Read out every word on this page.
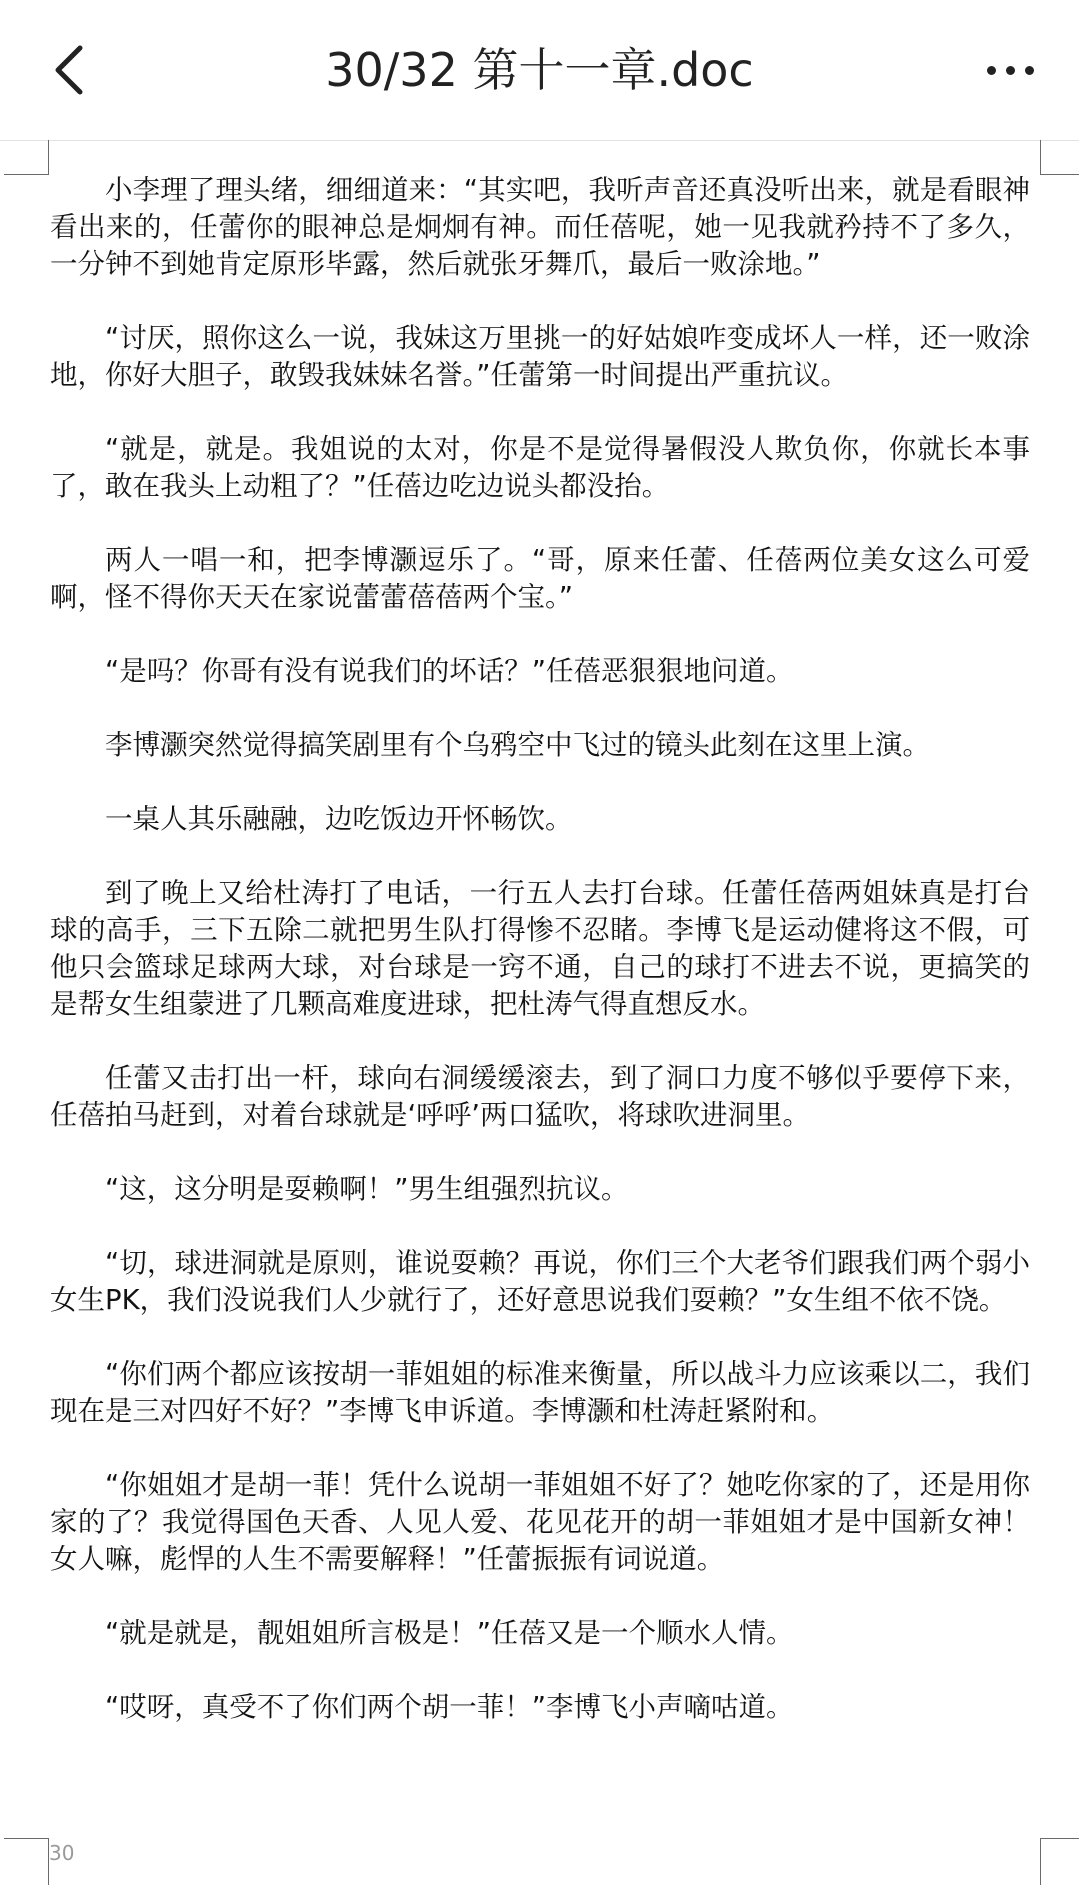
30/32 第十一章.doc

小李理了理头绪，细细道来：“其实吧，我听声音还真没听出来，就是看眼神看出来的，任蕾你的眼神总是炯炯有神。而任蓓呢，她一见我就矜持不了多久，一分钟不到她肯定原形毕露，然后就张牙舞爪，最后一败涂地。”

“讨厌，照你这么一说，我妹这万里挑一的好姑娘咋变成坏人一样，还一败涂地，你好大胆子，敢毁我妹妹名誉。”任蕾第一时间提出严重抗议。

“就是，就是。我姐说的太对，你是不是觉得暑假没人欺负你，你就长本事了，敢在我头上动粗了？”任蓓边吃边说头都没抬。

两人一唱一和，把李博灏逗乐了。“哥，原来任蕾、任蓓两位美女这么可爱啊，怪不得你天天在家说蕾蕾蓓蓓两个宝。”

“是吗？你哥有没有说我们的坏话？”任蓓恶狠狠地问道。

李博灏突然觉得搞笑剧里有个乌鸦空中飞过的镜头此刻在这里上演。

一桌人其乐融融，边吃饭边开怀畅饮。

到了晚上又给杜涛打了电话，一行五人去打台球。任蕾任蓓两姐妹真是打台球的高手，三下五除二就把男生队打得惨不忍睹。李博飞是运动健将这不假，可他只会篮球足球两大球，对台球是一窍不通，自己的球打不进去不说，更搞笑的是帮女生组蒙进了几颗高难度进球，把杜涛气得直想反水。

任蕾又击打出一杆，球向右洞缓缓滚去，到了洞口力度不够似乎要停下来，任蓓拍马赶到，对着台球就是‘呼呼’两口猛吹，将球吹进洞里。

“这，这分明是耍赖啊！”男生组强烈抗议。

“切，球进洞就是原则，谁说耍赖？再说，你们三个大老爷们跟我们两个弱小女生PK，我们没说我们人少就行了，还好意思说我们耍赖？”女生组不依不饶。

“你们两个都应该按胡一菲姐姐的标准来衡量，所以战斗力应该乘以二，我们现在是三对四好不好？”李博飞申诉道。李博灏和杜涛赶紧附和。

“你姐姐才是胡一菲！凭什么说胡一菲姐姐不好了？她吃你家的了，还是用你家的了？我觉得国色天香、人见人爱、花见花开的胡一菲姐姐才是中国新女神！女人嘛，彪悍的人生不需要解释！”任蕾振振有词说道。

“就是就是，靓姐姐所言极是！”任蓓又是一个顺水人情。

“哎呀，真受不了你们两个胡一菲！”李博飞小声嘀咕道。

30
